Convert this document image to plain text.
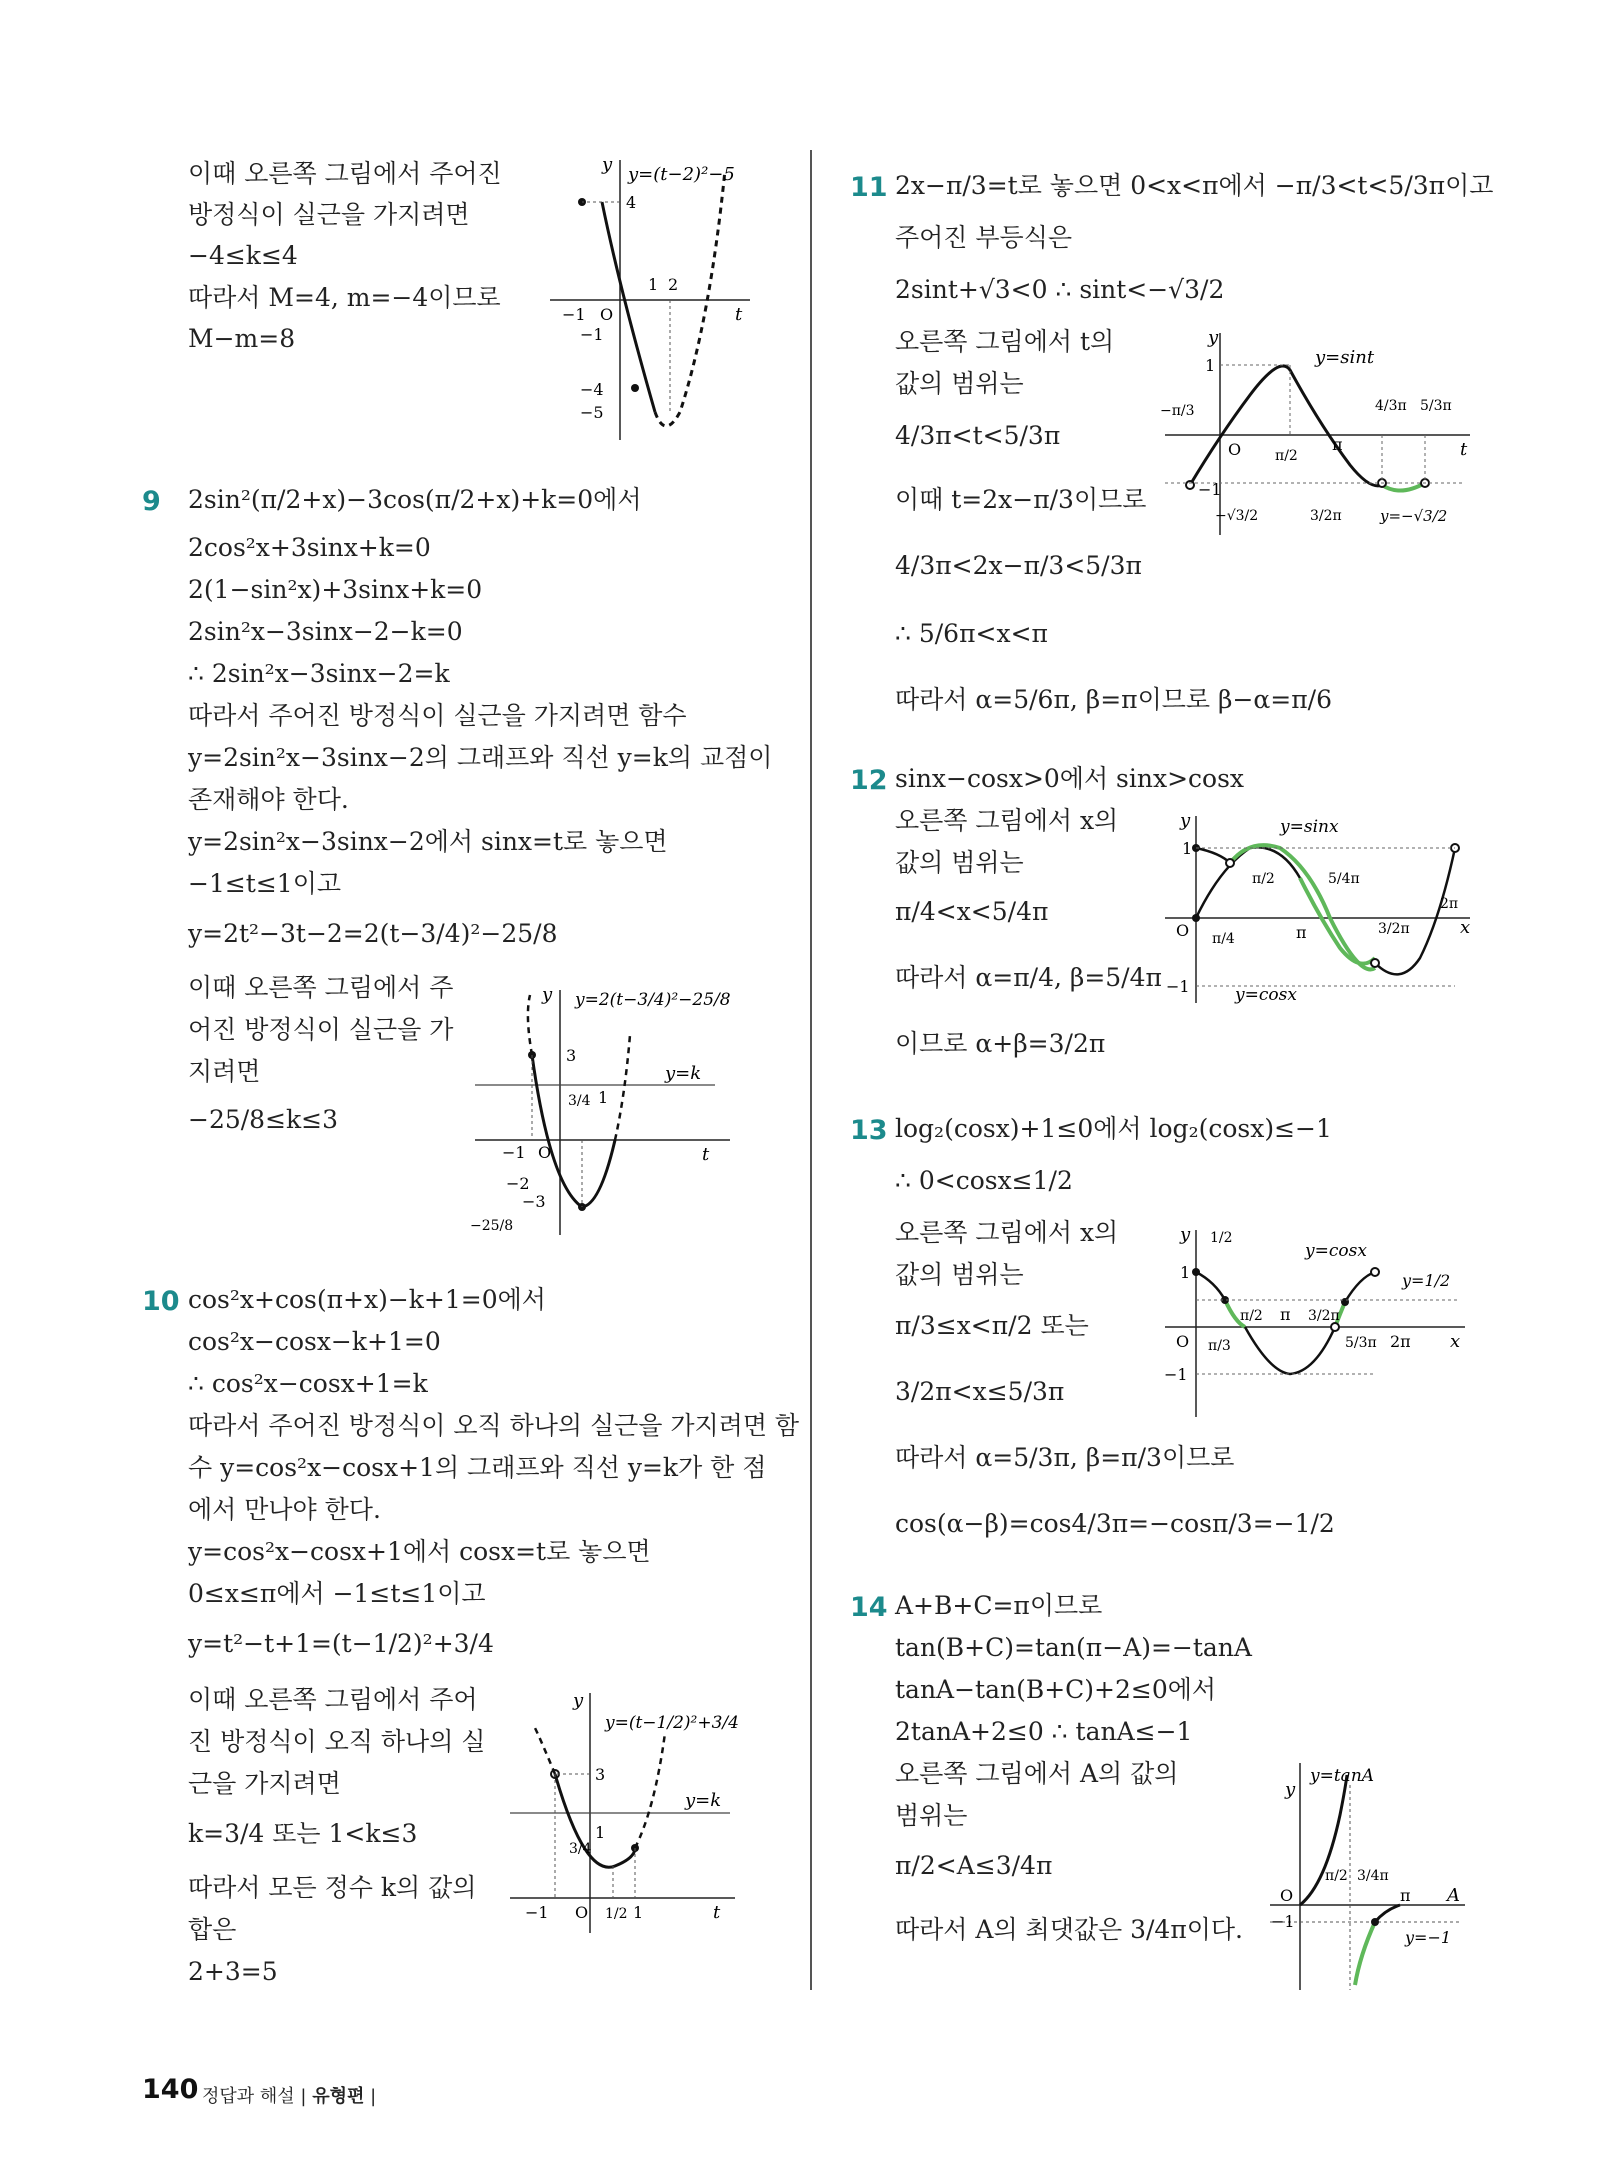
이때 오른쪽 그림에서 주어진
방정식이 실근을 가지려면
−4≤k≤4
따라서 M=4, m=−4이므로
M−m=8
4
−1 O
1 2
−1
−4
−5
t
y y=(t−2)²−5
9 2sin²(π/2+x)−3cos(π/2+x)+k=0에서
2cos²x+3sinx+k=0
2(1−sin²x)+3sinx+k=0
2sin²x−3sinx−2−k=0
∴ 2sin²x−3sinx−2=k
따라서 주어진 방정식이 실근을 가지려면 함수
y=2sin²x−3sinx−2의 그래프와 직선 y=k의 교점이
존재해야 한다.
y=2sin²x−3sinx−2에서 sinx=t로 놓으면
−1≤t≤1이고
y=2t²−3t−2=2(t−3/4)²−25/8
이때 오른쪽 그림에서 주
어진 방정식이 실근을 가
지려면
−25/8≤k≤3
3
3/4 1
−1 O
−2
−3
−25/8
t
y y=2(t−3/4)²−25/8
y=k
10 cos²x+cos(π+x)−k+1=0에서
cos²x−cosx−k+1=0
∴ cos²x−cosx+1=k
따라서 주어진 방정식이 오직 하나의 실근을 가지려면 함
수 y=cos²x−cosx+1의 그래프와 직선 y=k가 한 점
에서 만나야 한다.
y=cos²x−cosx+1에서 cosx=t로 놓으면
0≤x≤π에서 −1≤t≤1이고
y=t²−t+1=(t−1/2)²+3/4
이때 오른쪽 그림에서 주어
진 방정식이 오직 하나의 실
근을 가지려면
k=3/4 또는 1<k≤3
따라서 모든 정수 k의 값의
합은
2+3=5
3
1
3/4
−1 O 1/2 1	t
y
y=(t−1/2)²+3/4
y=k
11 2x−π/3=t로 놓으면 0<x<π에서 −π/3<t<5/3π이고
주어진 부등식은
2sint+√3<0 ∴ sint<−√3/2
오른쪽 그림에서 t의
값의 범위는
4/3π<t<5/3π
이때 t=2x−π/3이므로
4/3π<2x−π/3<5/3π
∴ 5/6π<x<π
따라서 α=5/6π, β=π이므로 β−α=π/6
1
−π/3
O π/2
π
4/3π 5/3π
−1
−√3/2	3/2π
t
y
y=sint
y=−√3/2
12 sinx−cosx>0에서 sinx>cosx
오른쪽 그림에서 x의
값의 범위는
π/4<x<5/4π
따라서 α=π/4, β=5/4π
이므로 α+β=3/2π
1
O π/4
π/2
π
5/4π
3/2π
2π
−1
x
y	y=sinx
y=cosx
13 log₂(cosx)+1≤0에서 log₂(cosx)≤−1
∴ 0<cosx≤1/2
오른쪽 그림에서 x의
값의 범위는
π/3≤x<π/2 또는
3/2π<x≤5/3π
따라서 α=5/3π, β=π/3이므로
cos(α−β)=cos4/3π=−cosπ/3=−1/2
1/2
1
π/2 π 3/2π
O π/3	5/3π 2π
−1
x
y
y=cosx
y=1/2
14 A+B+C=π이므로
tan(B+C)=tan(π−A)=−tanA
tanA−tan(B+C)+2≤0에서
2tanA+2≤0 ∴ tanA≤−1
오른쪽 그림에서 A의 값의
범위는
π/2<A≤3/4π
따라서 A의 최댓값은 3/4π이다.
π/2 3/4π
O	π A
−1
y
y=tanA
y=−1
140 정답과 해설 | 유형편 |
